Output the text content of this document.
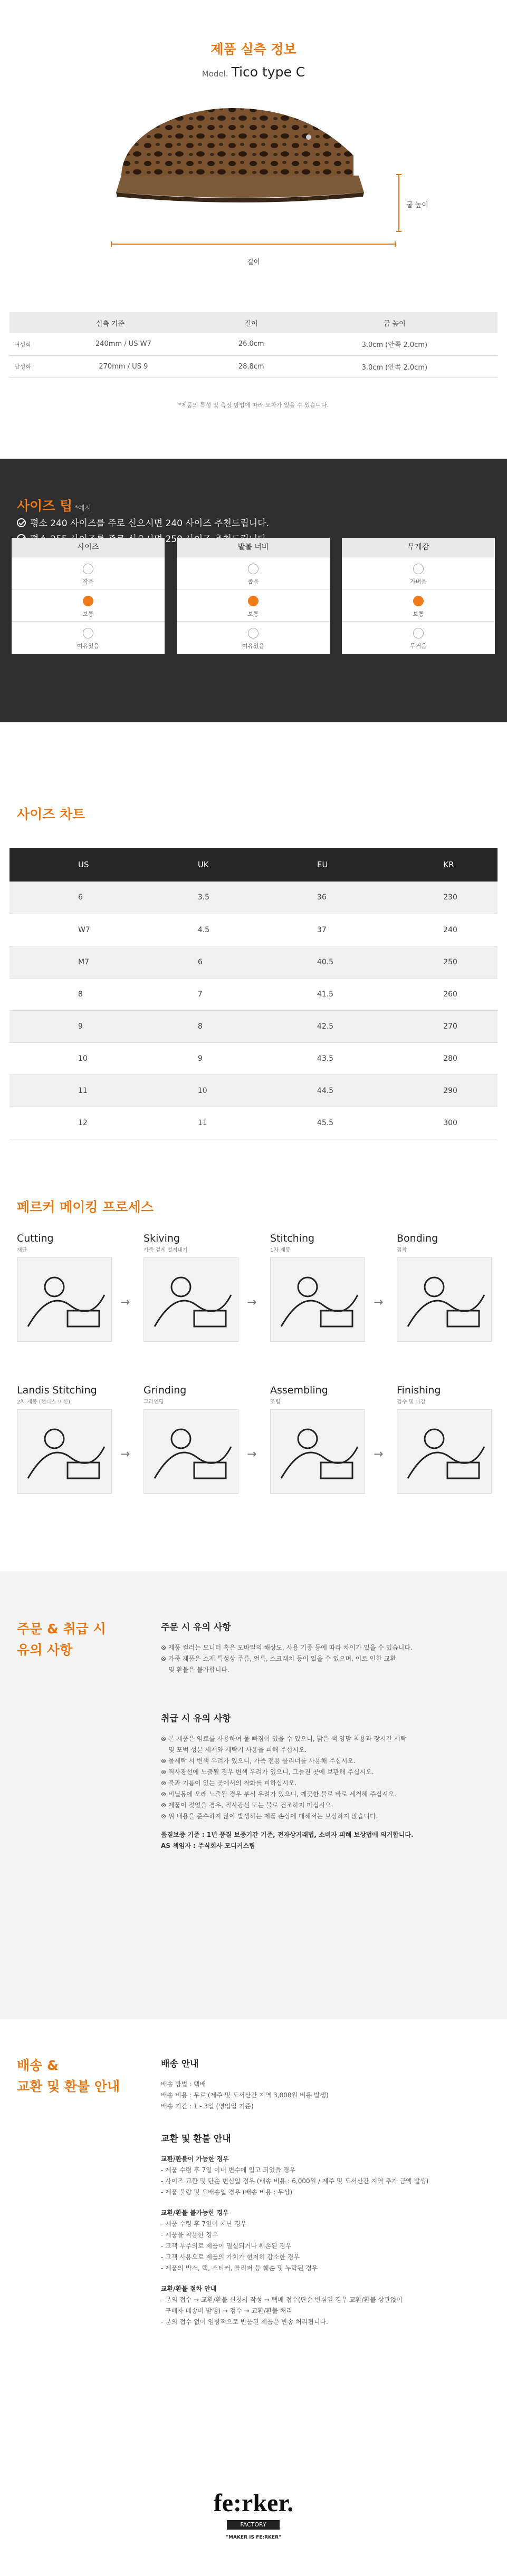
제품 실측 정보
Model. Tico type C
굽 높이
길이
실측 기준		길이	굽 높이
여성화	240mm / US W7	26.0cm	3.0cm (안쪽 2.0cm)
남성화	270mm / US 9	28.8cm	3.0cm (안쪽 2.0cm)
*제품의 특성 및 측정 방법에 따라 오차가 있을 수 있습니다.
사이즈 팁 *예시
평소 240 사이즈를 주로 신으시면 240 사이즈 추천드립니다.
250
사이즈
작음
보통
여유있음
발볼 너비
좁음
보통
여유있음
무게감
가벼움
보통
무거움
사이즈 차트
US	UK	EU	KR
6	3.5	36	230
W7	4.5	37	240
M7	6	40.5	250
8	7	41.5	260
9	8	42.5	270
10	9	43.5	280
11	10	44.5	290
12	11	45.5	300
페르커 메이킹 프로세스
Cutting
재단
→
Skiving
가죽 겉게 벗겨내기
→
Stitching
1차 재봉
→
Bonding
접착
Landis Stitching
2차 재봉 (랜디스 머신)
→
Grinding
그라인딩
→
Assembling
조립
→
Finishing
검수 및 마감
주문 & 취급 시
유의 사항
주문 시 유의 사항

⊗ 제품 컬러는 모니터 혹은 모바일의 해상도, 사용 기종 등에 따라 차이가 있을 수 있습니다.

⊗ 가죽 제품은 소재 특성상 주름, 얼룩, 스크래치 등이 있을 수 있으며, 이로 인한 교환

및 환불은 불가합니다.

취급 시 유의 사항

⊗ 본 제품은 염료를 사용하여 물 빠짐이 있을 수 있으니, 밝은 색 양말 착용과 장시간 세탁

및 포벅 성분 세제와 세탁기 사용을 피해 주십시오.

⊗ 물세탁 시 변색 우려가 있으니, 가죽 전용 클리너를 사용해 주십시오.

⊗ 직사광선에 노출될 경우 변색 우려가 있으니, 그늘진 곳에 보관해 주십시오.

⊗ 불과 기름이 있는 곳에서의 착화를 피하십시오.

⊗ 비닐봉에 오래 노출될 경우 부식 우려가 있으니, 깨끗한 물로 바로 세척해 주십시오.

⊗ 제품이 젖었을 경우, 직사광선 또는 불로 건조하지 마십시오.

⊗ 위 내용을 준수하지 않아 발생하는 제품 손상에 대해서는 보상하지 않습니다.

품질보증 기준 : 1년 품질 보증기간 기준, 전자상거래법, 소비자 피해 보상법에 의거합니다.

AS 책임자 : 주식회사 모디커스팀

배송 &
교환 및 환불 안내
배송 안내

배송 방법 : 택배

배송 비용 : 무료 (제주 및 도서산간 지역 3,000원 비용 발생)

배송 기간 : 1 - 3일 (영업일 기준)

교환 및 환불 안내

교환/환불이 가능한 경우

- 제품 수령 후 7일 이내 변수에 입고 되었을 경우

- 사이즈 교환 및 단순 변심일 경우 (배송 비용 : 6,000원 / 제주 및 도서산간 지역 추가 금액 발생)

- 제품 불량 및 오배송일 경우 (배송 비용 : 무상)

교환/환불 불가능한 경우

- 제품 수령 후 7일이 지난 경우

- 제품을 착용한 경우

- 고객 부주의로 제품이 멸실되거나 훼손된 경우

- 고객 사용으로 제품의 가치가 현저히 감소한 경우

- 제품의 박스, 택, 스티커, 틀리퍼 등 훼손 및 누락된 경우

교환/환불 절차 안내

- 문의 접수 → 교환/환불 신청서 작성 → 택배 접수(단순 변심일 경우 교환/환불 상관없이

구매자 배송비 발생) → 검수 → 교환/환불 처리

- 문의 접수 없이 임방적으로 반품된 제품은 반송 처리됩니다.

fe:rker.
FACTORY
"MAKER IS FE:RKER"
